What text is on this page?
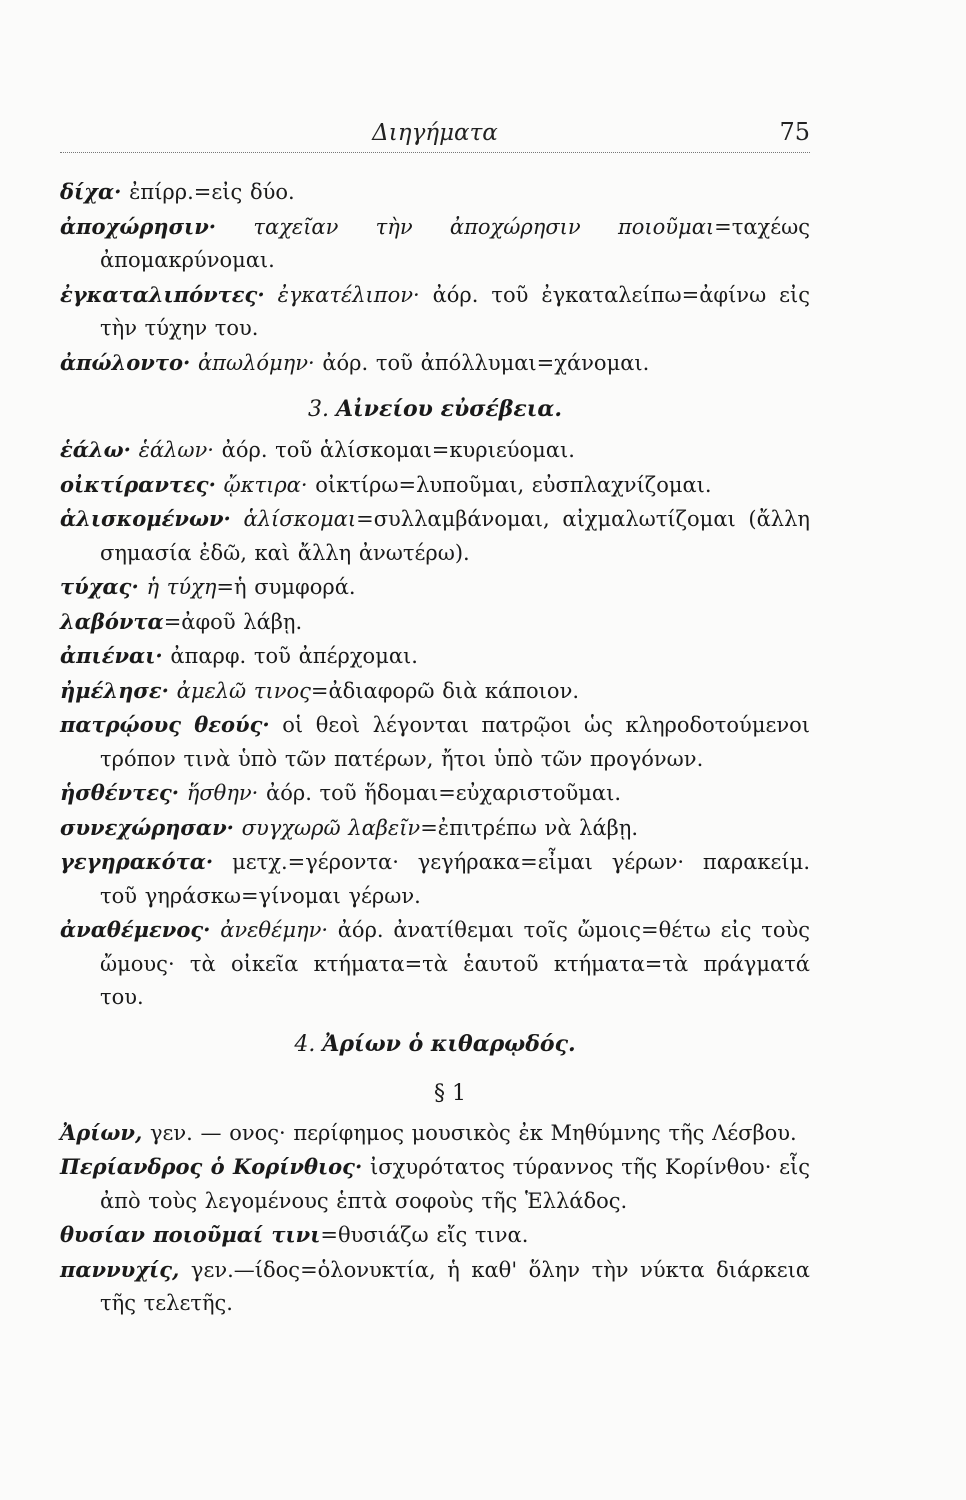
Διηγήματα	75

δίχα· ἐπίρρ.=εἰς δύο.

ἀποχώρησιν· ταχεῖαν τὴν ἀποχώρησιν ποιοῦμαι=ταχέως ἀπομακρύνομαι.

ἐγκαταλιπόντες· ἐγκατέλιπον· ἀόρ. τοῦ ἐγκαταλείπω=ἀφίνω εἰς τὴν τύχην του.

ἀπώλοντο· ἀπωλόμην· ἀόρ. τοῦ ἀπόλλυμαι=χάνομαι.

3. Αἰνείου εὐσέβεια.

ἑάλω· ἑάλων· ἀόρ. τοῦ ἁλίσκομαι=κυριεύομαι.

οἰκτίραντες· ᾤκτιρα· οἰκτίρω=λυποῦμαι, εὐσπλαχνίζομαι.

ἁλισκομένων· ἁλίσκομαι=συλλαμβάνομαι, αἰχμαλωτίζομαι (ἄλλη σημασία ἐδῶ, καὶ ἄλλη ἀνωτέρω).

τύχας· ἡ τύχη=ἡ συμφορά.

λαβόντα=ἀφοῦ λάβῃ.

ἀπιέναι· ἀπαρφ. τοῦ ἀπέρχομαι.

ἠμέλησε· ἀμελῶ τινος=ἀδιαφορῶ διὰ κάποιον.

πατρῴους θεούς· οἱ θεοὶ λέγονται πατρῷοι ὡς κληροδοτούμενοι τρόπον τινὰ ὑπὸ τῶν πατέρων, ἤτοι ὑπὸ τῶν προγόνων.

ἡσθέντες· ἥσθην· ἀόρ. τοῦ ἥδομαι=εὐχαριστοῦμαι.

συνεχώρησαν· συγχωρῶ λαβεῖν=ἐπιτρέπω νὰ λάβῃ.

γεγηρακότα· μετχ.=γέροντα· γεγήρακα=εἶμαι γέρων· παρακείμ. τοῦ γηράσκω=γίνομαι γέρων.

ἀναθέμενος· ἀνεθέμην· ἀόρ. ἀνατίθεμαι τοῖς ὤμοις=θέτω εἰς τοὺς ὤμους· τὰ οἰκεῖα κτήματα=τὰ ἑαυτοῦ κτήματα=τὰ πράγματά του.

4. Ἀρίων ὁ κιθαρῳδός.
§ 1

Ἀρίων, γεν. — ονος· περίφημος μουσικὸς ἐκ Μηθύμνης τῆς Λέσβου.

Περίανδρος ὁ Κορίνθιος· ἰσχυρότατος τύραννος τῆς Κορίνθου· εἷς ἀπὸ τοὺς λεγομένους ἑπτὰ σοφοὺς τῆς Ἑλλάδος.

θυσίαν ποιοῦμαί τινι=θυσιάζω εἴς τινα.

παννυχίς, γεν.—ίδος=ὁλονυκτία, ἡ καθ' ὅλην τὴν νύκτα διάρκεια τῆς τελετῆς.
